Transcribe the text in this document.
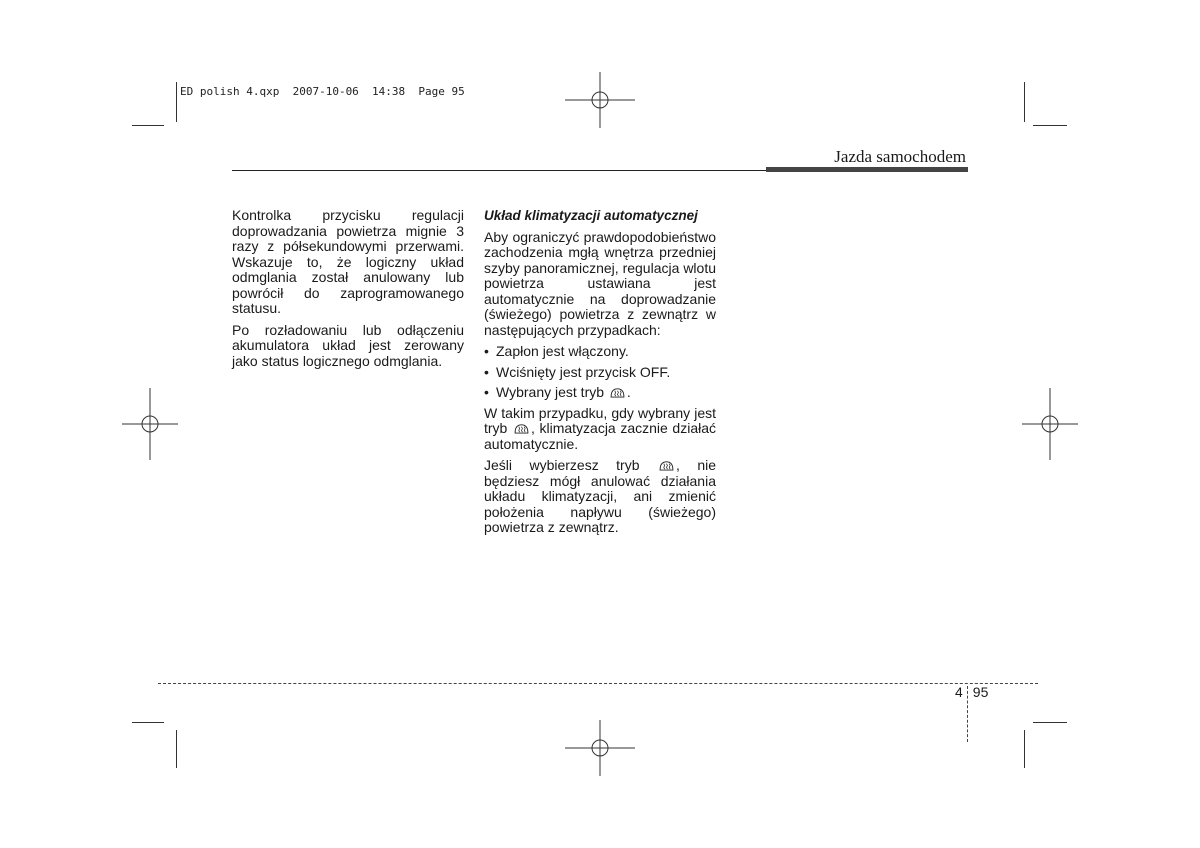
ED polish 4.qxp  2007-10-06  14:38  Page 95
Jazda samochodem

Kontrolka przycisku regulacji doprowadzania powietrza mignie 3 razy z półsekundowymi przerwami. Wskazuje to, że logiczny układ odmglania został anulowany lub powrócił do zaprogramowanego statusu.

Po rozładowaniu lub odłączeniu akumulatora układ jest zerowany jako status logicznego odmglania.

Układ klimatyzacji automatycznej

Aby ograniczyć prawdopodobieństwo zachodzenia mgłą wnętrza przedniej szyby panoramicznej, regulacja wlotu powietrza ustawiana jest automatycznie na doprowadzanie (świeżego) powietrza z zewnątrz w następujących przypadkach:

• Zapłon jest włączony.
• Wciśnięty jest przycisk OFF.
• Wybrany jest tryb .

W takim przypadku, gdy wybrany jest tryb , klimatyzacja zacznie działać automatycznie.

Jeśli wybierzesz tryb	, nie będziesz mógł anulować działania układu klimatyzacji, ani zmienić położenia napływu (świeżego) powietrza z zewnątrz.

4 95
